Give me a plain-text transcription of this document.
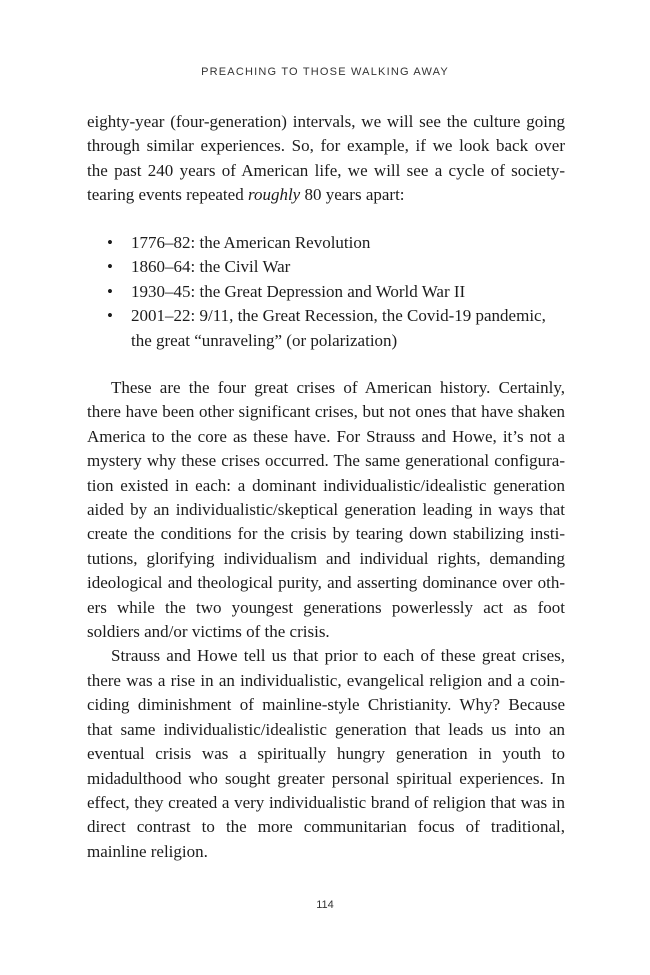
PREACHING TO THOSE WALKING AWAY

eighty-year (four-generation) intervals, we will see the culture going through similar experiences. So, for example, if we look back over the past 240 years of American life, we will see a cycle of society-tearing events repeated roughly 80 years apart:

• 1776–82: the American Revolution
• 1860–64: the Civil War
• 1930–45: the Great Depression and World War II
• 2001–22: 9/11, the Great Recession, the Covid-19 pandemic, the great “unraveling” (or polarization)

These are the four great crises of American history. Certainly, there have been other significant crises, but not ones that have shaken America to the core as these have. For Strauss and Howe, it’s not a mystery why these crises occurred. The same generational configuration existed in each: a dominant individualistic/idealistic generation aided by an individualistic/skeptical generation leading in ways that create the conditions for the crisis by tearing down stabilizing institutions, glorifying individualism and individual rights, demanding ideological and theological purity, and asserting dominance over others while the two youngest generations powerlessly act as foot soldiers and/or victims of the crisis.

Strauss and Howe tell us that prior to each of these great crises, there was a rise in an individualistic, evangelical religion and a coinciding diminishment of mainline-style Christianity. Why? Because that same individualistic/idealistic generation that leads us into an eventual crisis was a spiritually hungry generation in youth to midadulthood who sought greater personal spiritual experiences. In effect, they created a very individualistic brand of religion that was in direct contrast to the more communitarian focus of traditional, mainline religion.

114
